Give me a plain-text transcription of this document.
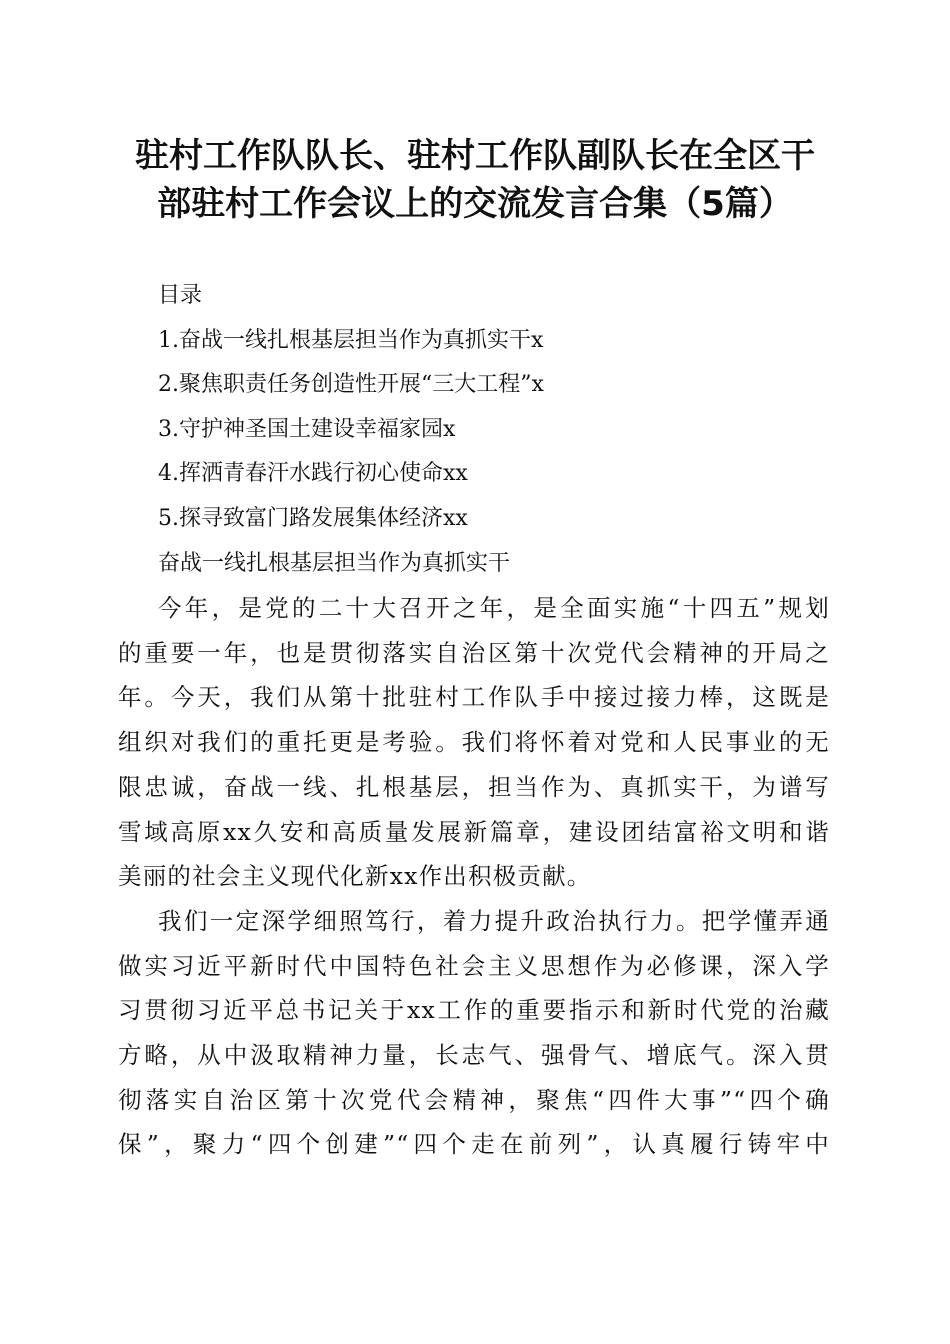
驻村工作队队长、驻村工作队副队长在全区干
部驻村工作会议上的交流发言合集（5篇）

目录

1.奋战一线扎根基层担当作为真抓实干x

2.聚焦职责任务创造性开展“三大工程”x

3.守护神圣国土建设幸福家园x

4.挥洒青春汗水践行初心使命xx

5.探寻致富门路发展集体经济xx

奋战一线扎根基层担当作为真抓实干

今年，是党的二十大召开之年，是全面实施“十四五”规划
的重要一年，也是贯彻落实自治区第十次党代会精神的开局之
年。今天，我们从第十批驻村工作队手中接过接力棒，这既是
组织对我们的重托更是考验。我们将怀着对党和人民事业的无
限忠诚，奋战一线、扎根基层，担当作为、真抓实干，为谱写
雪域高原xx久安和高质量发展新篇章，建设团结富裕文明和谐
美丽的社会主义现代化新xx作出积极贡献。
我们一定深学细照笃行，着力提升政治执行力。把学懂弄通
做实习近平新时代中国特色社会主义思想作为必修课，深入学
习贯彻习近平总书记关于xx工作的重要指示和新时代党的治藏
方略，从中汲取精神力量，长志气、强骨气、增底气。深入贯
彻落实自治区第十次党代会精神，聚焦“四件大事”“四个确
保”，聚力“四个创建”“四个走在前列”，认真履行铸牢中
